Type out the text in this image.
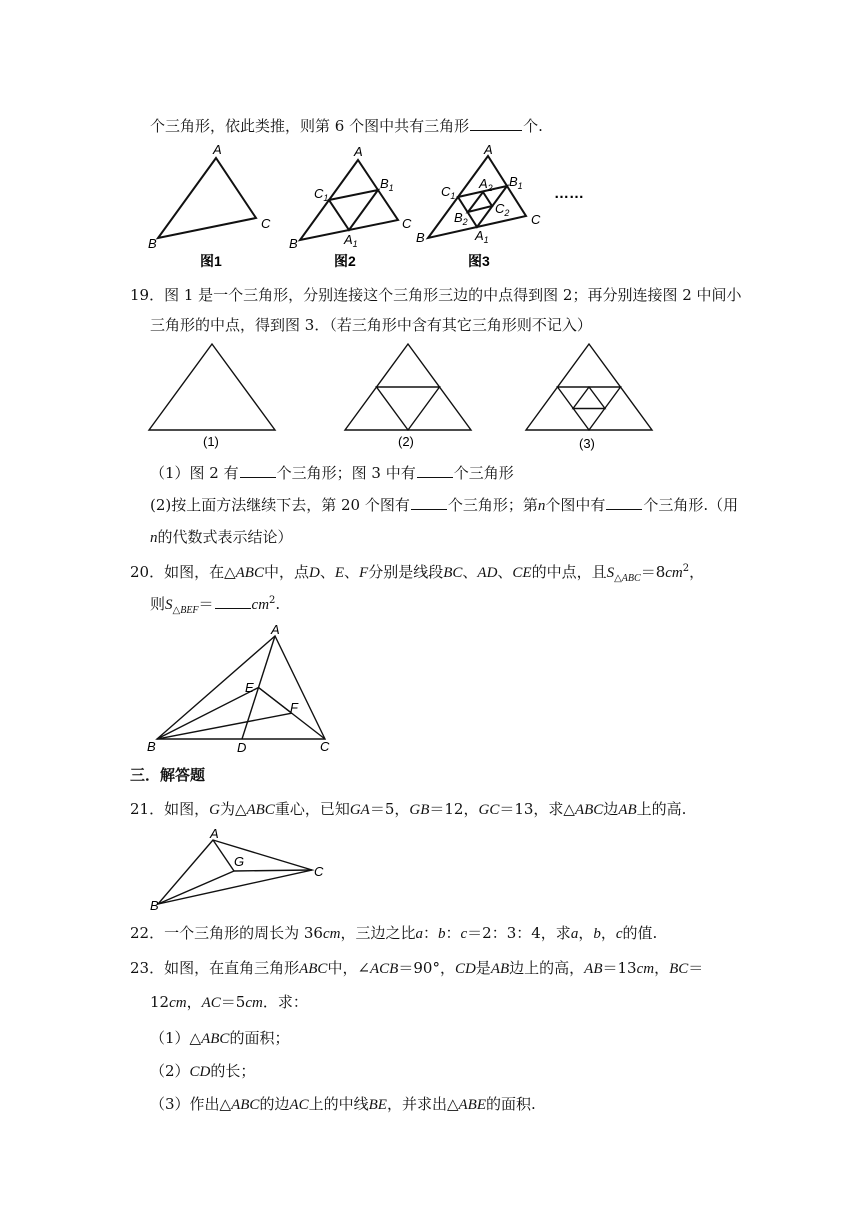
个三角形，依此类推，则第 6 个图中共有三角形	个.
A
B
C
图1
A
B
C
$C_1$
$B_1$
$A_1$
图2
A
B
C
$C_1$
$B_1$
$A_1$
$A_2$
$B_2$
$C_2$
……
图3
19．图 1 是一个三角形，分别连接这个三角形三边的中点得到图 2；再分别连接图 2 中间小
三角形的中点，得到图 3．（若三角形中含有其它三角形则不记入）
(1)	(2)	(3)
（1）图 2 有	个三角形；图 3 中有	个三角形
(2)按上面方法继续下去，第 20 个图有	个三角形；第n个图中有	个三角形.（用
n的代数式表示结论）
20．如图，在△ABC中，点D、E、F分别是线段BC、AD、CE的中点，且$S_{\triangle ABC}=8cm^2$，
则$S_{\triangle BEF}=$	$cm^2$.
A
B	C
D
E
F
三．解答题
21．如图，G为△ABC重心，已知GA＝5，GB＝12，GC＝13，求△ABC边AB上的高.
A
B
C
G
22．一个三角形的周长为 36cm，三边之比a：b：c＝2：3：4，求a，b，c的值.
23．如图，在直角三角形ABC中，∠ACB＝90°，CD是AB边上的高，AB＝13cm，BC＝
12cm，AC＝5cm．求：
（1）△ABC的面积；
（2）CD的长；
（3）作出△ABC的边AC上的中线BE，并求出△ABE的面积.
